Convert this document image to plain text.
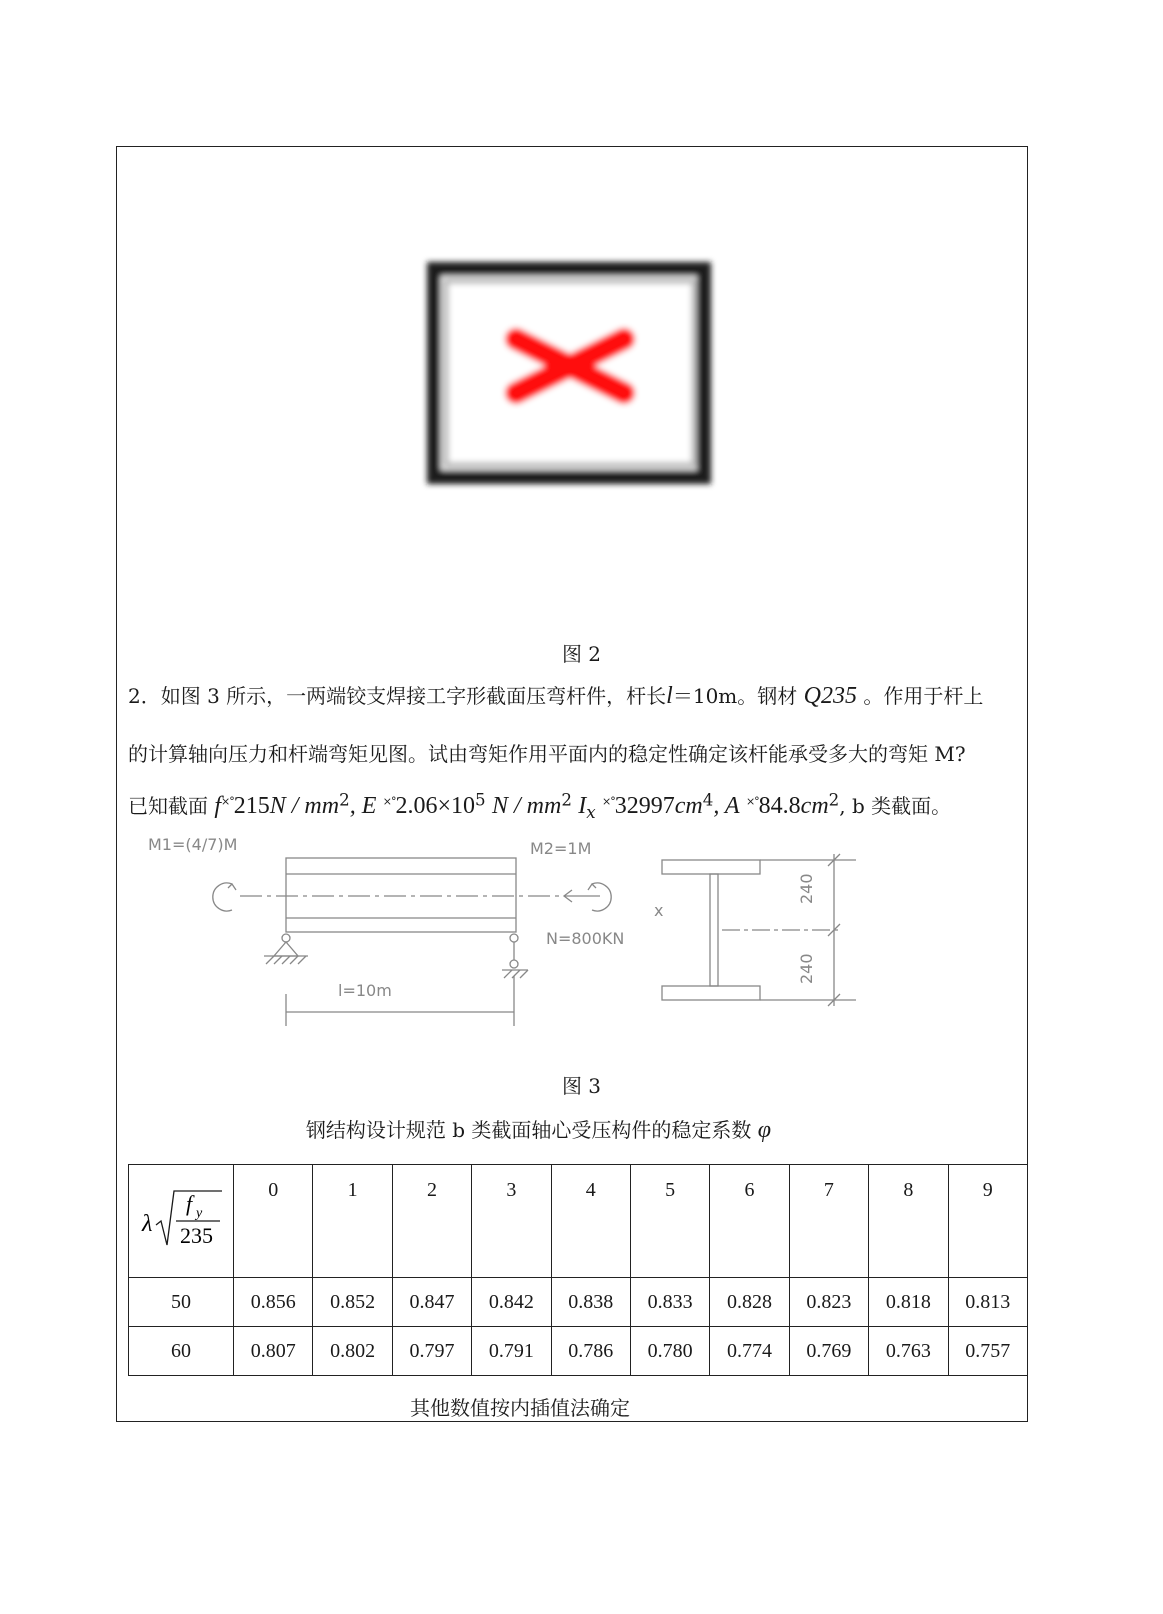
图 2
2．如图 3 所示，一两端铰支焊接工字形截面压弯杆件，杆长l＝10m。钢材 Q235 。作用于杆上
的计算轴向压力和杆端弯矩见图。试由弯矩作用平面内的稳定性确定该杆能承受多大的弯矩 M?
已知截面 $f^{\times^\circ}215N / mm^2$, E $^{\times^\circ}2.06\times 10^5$ N / $mm^2$ $I_x$ $^{\times^\circ}32997cm^4$, A $^{\times^\circ}84.8cm^2$, b 类截面。
M1=(4/7)M	M2=1M
N=800KN
l=10m
x
240
240
图 3
钢结构设计规范 b 类截面轴心受压构件的稳定系数 φ
λ
f y
235	0	1	2	3	4	5	6	7	8	9
50	0.856	0.852	0.847	0.842	0.838	0.833	0.828	0.823	0.818	0.813
60	0.807	0.802	0.797	0.791	0.786	0.780	0.774	0.769	0.763	0.757
其他数值按内插值法确定
